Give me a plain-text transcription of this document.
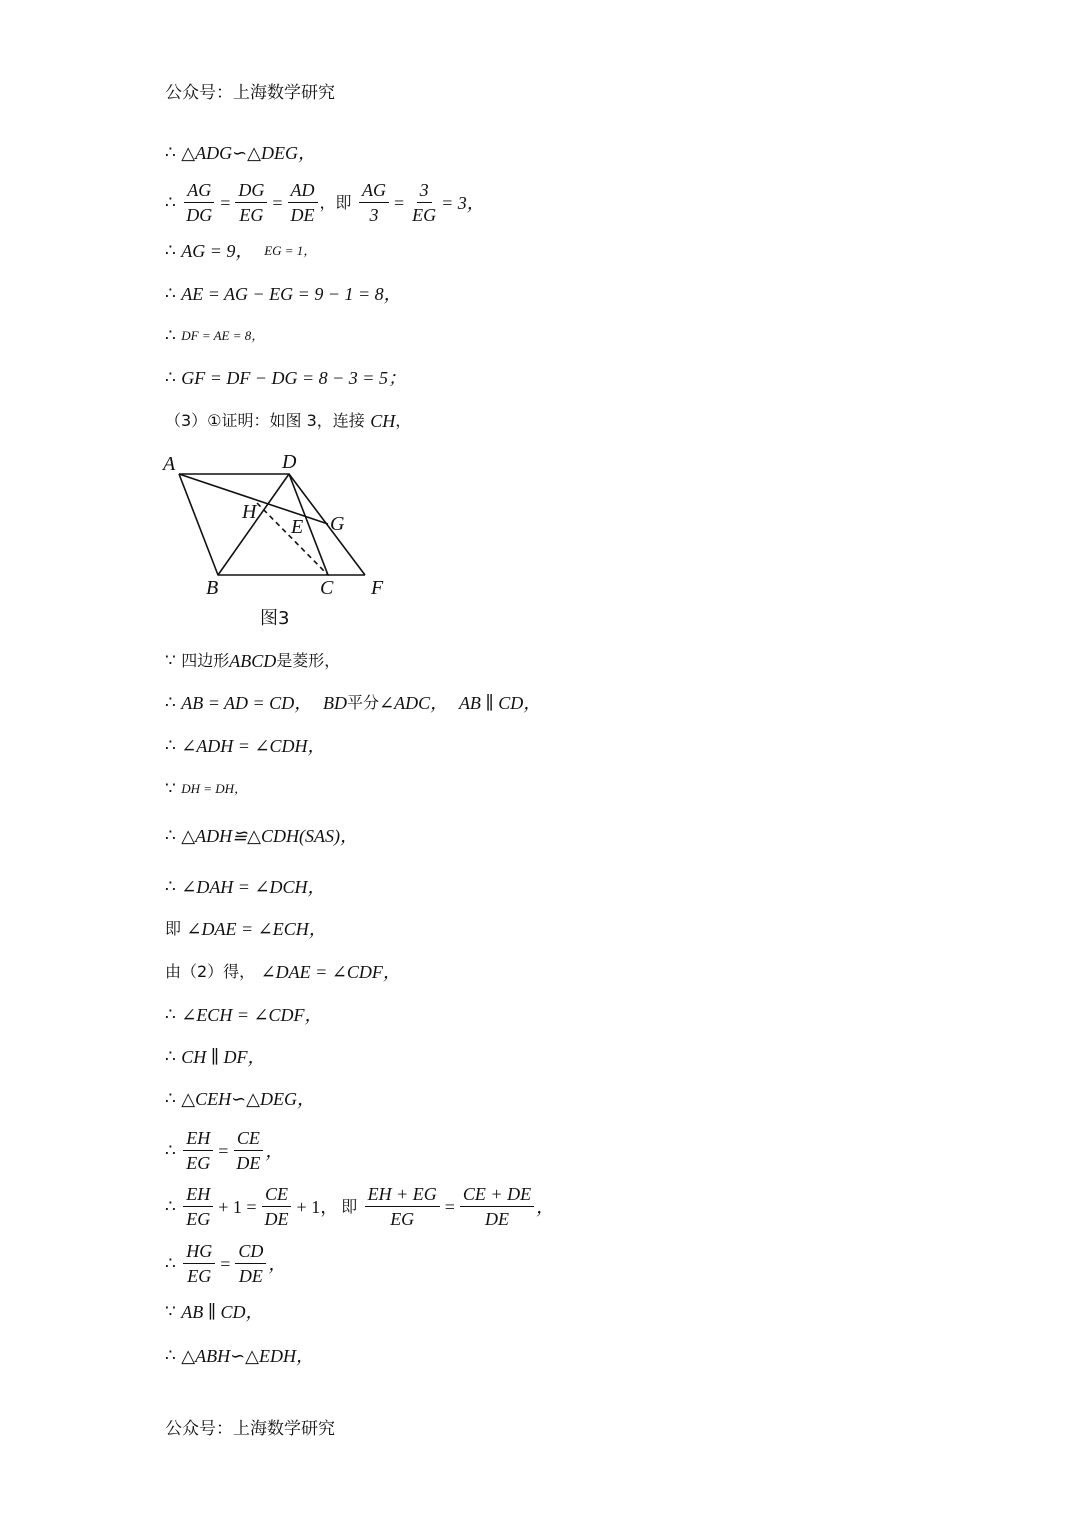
公众号：上海数学研究
∴
△ADG∽△DEG，
∴
$\frac{AG}{DG} = \frac{DG}{EG} = \frac{AD}{DE}$ ，即
$\frac{AG}{3} = \frac{3}{EG} = 3$，
∴
AG = 9，
EG = 1，
∴
AE = AG − EG = 9 − 1 = 8，
∴
DF = AE = 8，
∴
GF = DF − DG = 8 − 3 = 5；
（3）①证明：如图 3，连接
CH ，
A	D
H
E G
B	C F
图3
∵
四边形 ABCD 是菱形，
∴
AB = AD = CD，
BD 平分 ∠ADC，
AB ∥ CD，
∴
∠ADH = ∠CDH，
∵
DH = DH，
∴
△ADH≌△CDH(SAS)，
∴
∠DAH = ∠DCH，
即
∠DAE = ∠ECH，
由（2）得，
∠DAE = ∠CDF，
∴
∠ECH = ∠CDF，
∴
CH ∥ DF，
∴
△CEH∽△DEG，
∴
$\frac{EH}{EG} = \frac{CE}{DE}$ ，
∴
$\frac{EH}{EG} + 1 = \frac{CE}{DE} + 1$， 即
$\frac{EH + EG}{EG} = \frac{CE + DE}{DE}$ ，
∴
$\frac{HG}{EG} = \frac{CD}{DE}$ ，
∵
AB ∥ CD，
∴
△ABH∽△EDH，
公众号：上海数学研究
